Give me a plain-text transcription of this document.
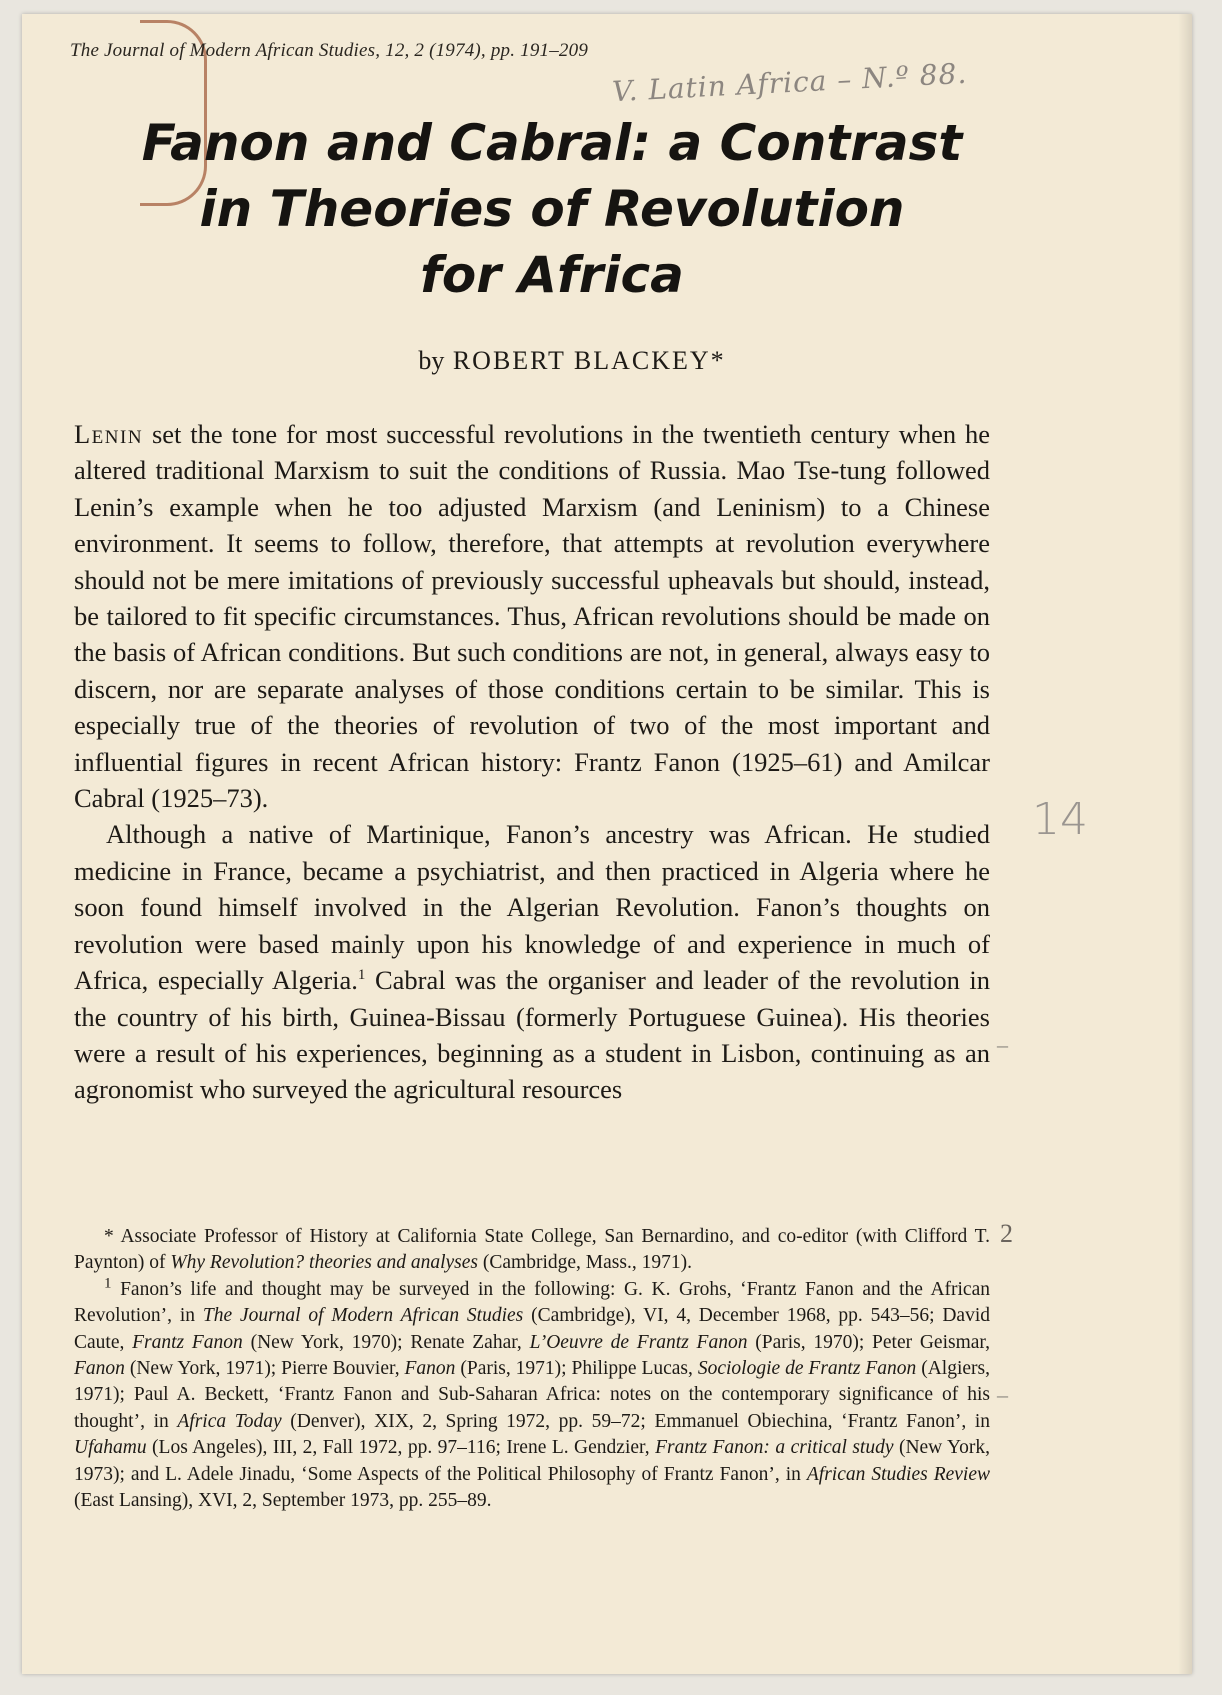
The Journal of Modern African Studies, 12, 2 (1974), pp. 191–209
V. Latin Africa – N.º 88.
Fanon and Cabral: a Contrast
in Theories of Revolution
for Africa
by ROBERT BLACKEY*

Lenin set the tone for most successful revolutions in the twentieth century when he altered traditional Marxism to suit the conditions of Russia. Mao Tse-tung followed Lenin’s example when he too adjusted Marxism (and Leninism) to a Chinese environment. It seems to follow, therefore, that attempts at revolution everywhere should not be mere imitations of previously successful upheavals but should, instead, be tailored to fit specific circumstances. Thus, African revolutions should be made on the basis of African conditions. But such conditions are not, in general, always easy to discern, nor are separate analyses of those conditions certain to be similar. This is especially true of the theories of revolution of two of the most important and influential figures in recent African history: Frantz Fanon (1925–61) and Amilcar Cabral (1925–73).

Although a native of Martinique, Fanon’s ancestry was African. He studied medicine in France, became a psychiatrist, and then practiced in Algeria where he soon found himself involved in the Algerian Revolution. Fanon’s thoughts on revolution were based mainly upon his knowledge of and experience in much of Africa, especially Algeria.$^1$ Cabral was the organiser and leader of the revolution in the country of his birth, Guinea-Bissau (formerly Portuguese Guinea). His theories were a result of his experiences, beginning as a student in Lisbon, continuing as an agronomist who surveyed the agricultural resources

* Associate Professor of History at California State College, San Bernardino, and co-editor (with Clifford T. Paynton) of Why Revolution? theories and analyses (Cambridge, Mass., 1971).

$^1$ Fanon’s life and thought may be surveyed in the following: G. K. Grohs, ‘Frantz Fanon and the African Revolution’, in The Journal of Modern African Studies (Cambridge), VI, 4, December 1968, pp. 543–56; David Caute, Frantz Fanon (New York, 1970); Renate Zahar, L’Oeuvre de Frantz Fanon (Paris, 1970); Peter Geismar, Fanon (New York, 1971); Pierre Bouvier, Fanon (Paris, 1971); Philippe Lucas, Sociologie de Frantz Fanon (Algiers, 1971); Paul A. Beckett, ‘Frantz Fanon and Sub-Saharan Africa: notes on the contemporary significance of his thought’, in Africa Today (Denver), XIX, 2, Spring 1972, pp. 59–72; Emmanuel Obiechina, ‘Frantz Fanon’, in Ufahamu (Los Angeles), III, 2, Fall 1972, pp. 97–116; Irene L. Gendzier, Frantz Fanon: a critical study (New York, 1973); and L. Adele Jinadu, ‘Some Aspects of the Political Philosophy of Frantz Fanon’, in African Studies Review (East Lansing), XVI, 2, September 1973, pp. 255–89.

14
–
–
2
